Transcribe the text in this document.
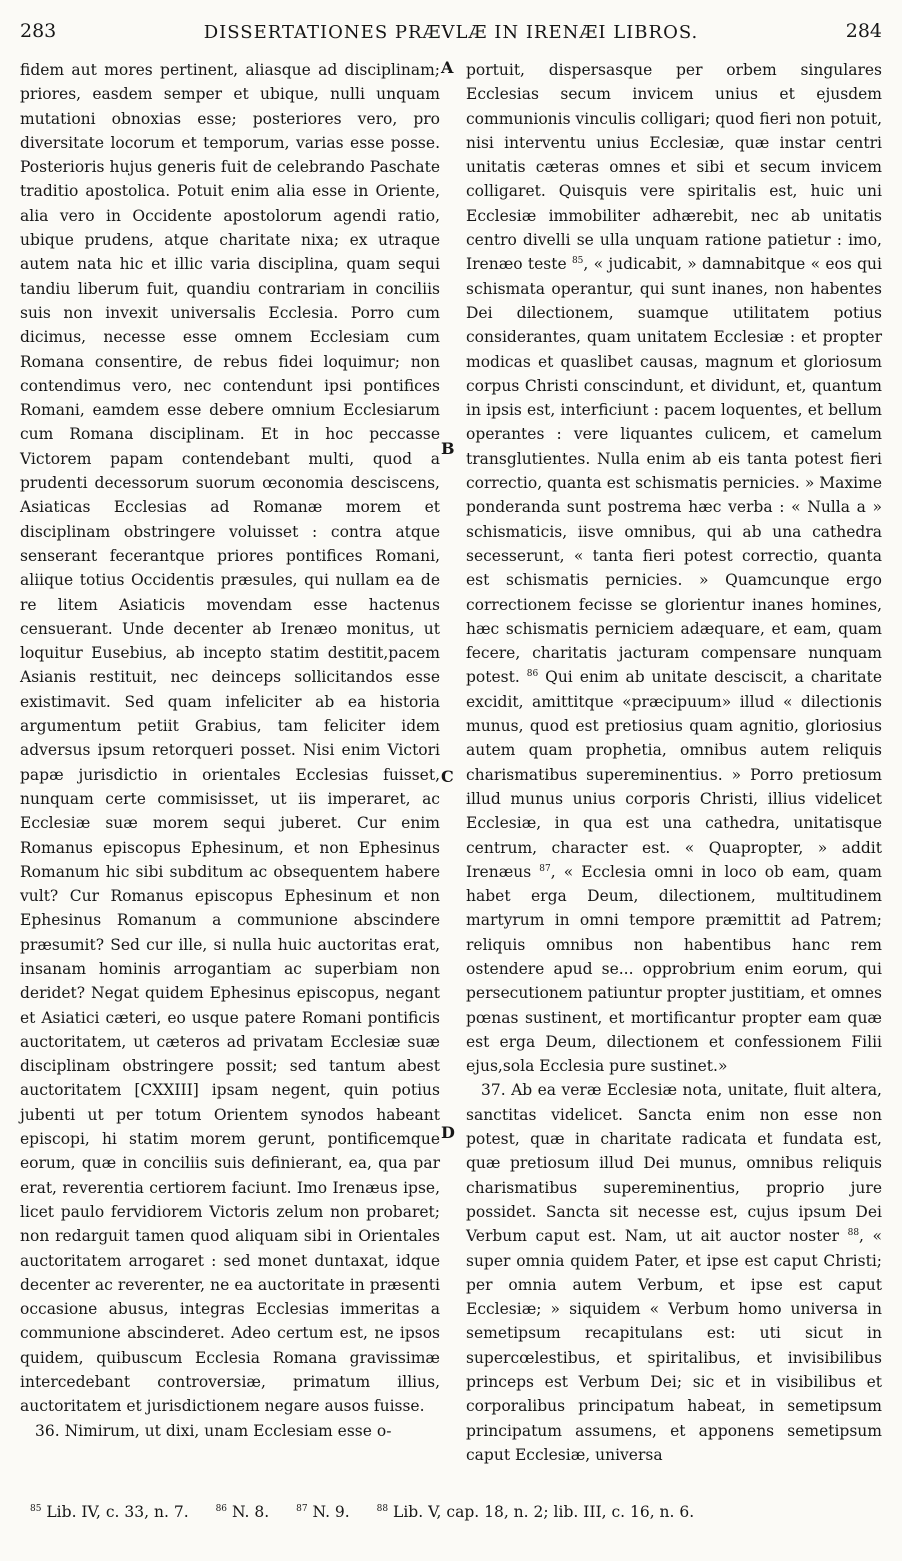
283	DISSERTATIONES PRÆVLÆ IN IRENÆI LIBROS.	284

fidem aut mores pertinent, aliasque ad disciplinam; priores, easdem semper et ubique, nulli unquam mutationi obnoxias esse; posteriores vero, pro diversitate locorum et temporum, varias esse posse. Posterioris hujus generis fuit de celebrando Paschate traditio apostolica. Potuit enim alia esse in Oriente, alia vero in Occidente apostolorum agendi ratio, ubique prudens, atque charitate nixa; ex utraque autem nata hic et illic varia disciplina, quam sequi tandiu liberum fuit, quandiu contrariam in conciliis suis non invexit universalis Ecclesia. Porro cum dicimus, necesse esse omnem Ecclesiam cum Romana consentire, de rebus fidei loquimur; non contendimus vero, nec contendunt ipsi pontifices Romani, eamdem esse debere omnium Ecclesiarum cum Romana disciplinam. Et in hoc peccasse Victorem papam contendebant multi, quod a prudenti decessorum suorum œconomia desciscens, Asiaticas Ecclesias ad Romanæ morem et disciplinam obstringere voluisset : contra atque senserant fecerantque priores pontifices Romani, aliique totius Occidentis præsules, qui nullam ea de re litem Asiaticis movendam esse hactenus censuerant. Unde decenter ab Irenæo monitus, ut loquitur Eusebius, ab incepto statim destitit,pacem Asianis restituit, nec deinceps sollicitandos esse existimavit. Sed quam infeliciter ab ea historia argumentum petiit Grabius, tam feliciter idem adversus ipsum retorqueri posset. Nisi enim Victori papæ jurisdictio in orientales Ecclesias fuisset, nunquam certe commisisset, ut iis imperaret, ac Ecclesiæ suæ morem sequi juberet. Cur enim Romanus episcopus Ephesinum, et non Ephesinus Romanum hic sibi subditum ac obsequentem habere vult? Cur Romanus episcopus Ephesinum et non Ephesinus Romanum a communione abscindere præsumit? Sed cur ille, si nulla huic auctoritas erat, insanam hominis arrogantiam ac superbiam non deridet? Negat quidem Ephesinus episcopus, negant et Asiatici cæteri, eo usque patere Romani pontificis auctoritatem, ut cæteros ad privatam Ecclesiæ suæ disciplinam obstringere possit; sed tantum abest auctoritatem [CXXIII] ipsam negent, quin potius jubenti ut per totum Orientem synodos habeant episcopi, hi statim morem gerunt, pontificemque eorum, quæ in conciliis suis definierant, ea, qua par erat, reverentia certiorem faciunt. Imo Irenæus ipse, licet paulo fervidiorem Victoris zelum non probaret; non redarguit tamen quod aliquam sibi in Orientales auctoritatem arrogaret : sed monet duntaxat, idque decenter ac reverenter, ne ea auctoritate in præsenti occasione abusus, integras Ecclesias immeritas a communione abscinderet. Adeo certum est, ne ipsos quidem, quibuscum Ecclesia Romana gravissimæ intercedebant controversiæ, primatum illius, auctoritatem et jurisdictionem negare ausos fuisse.

36. Nimirum, ut dixi, unam Ecclesiam esse o-

A
B
C
D

portuit, dispersasque per orbem singulares Ecclesias secum invicem unius et ejusdem communionis vinculis colligari; quod fieri non potuit, nisi interventu unius Ecclesiæ, quæ instar centri unitatis cæteras omnes et sibi et secum invicem colligaret. Quisquis vere spiritalis est, huic uni Ecclesiæ immobiliter adhærebit, nec ab unitatis centro divelli se ulla unquam ratione patietur : imo, Irenæo teste $^{85}$, « judicabit, » damnabitque « eos qui schismata operantur, qui sunt inanes, non habentes Dei dilectionem, suamque utilitatem potius considerantes, quam unitatem Ecclesiæ : et propter modicas et quaslibet causas, magnum et gloriosum corpus Christi conscindunt, et dividunt, et, quantum in ipsis est, interficiunt : pacem loquentes, et bellum operantes : vere liquantes culicem, et camelum transglutientes. Nulla enim ab eis tanta potest fieri correctio, quanta est schismatis pernicies. » Maxime ponderanda sunt postrema hæc verba : « Nulla a » schismaticis, iisve omnibus, qui ab una cathedra secesserunt, « tanta fieri potest correctio, quanta est schismatis pernicies. » Quamcunque ergo correctionem fecisse se glorientur inanes homines, hæc schismatis perniciem adæquare, et eam, quam fecere, charitatis jacturam compensare nunquam potest. $^{86}$ Qui enim ab unitate desciscit, a charitate excidit, amittitque «præcipuum» illud « dilectionis munus, quod est pretiosius quam agnitio, gloriosius autem quam prophetia, omnibus autem reliquis charismatibus supereminentius. » Porro pretiosum illud munus unius corporis Christi, illius videlicet Ecclesiæ, in qua est una cathedra, unitatisque centrum, character est. « Quapropter, » addit Irenæus $^{87}$, « Ecclesia omni in loco ob eam, quam habet erga Deum, dilectionem, multitudinem martyrum in omni tempore præmittit ad Patrem; reliquis omnibus non habentibus hanc rem ostendere apud se... opprobrium enim eorum, qui persecutionem patiuntur propter justitiam, et omnes pœnas sustinent, et mortificantur propter eam quæ est erga Deum, dilectionem et confessionem Filii ejus,sola Ecclesia pure sustinet.»

37. Ab ea veræ Ecclesiæ nota, unitate, fluit altera, sanctitas videlicet. Sancta enim non esse non potest, quæ in charitate radicata et fundata est, quæ pretiosum illud Dei munus, omnibus reliquis charismatibus supereminentius, proprio jure possidet. Sancta sit necesse est, cujus ipsum Dei Verbum caput est. Nam, ut ait auctor noster $^{88}$, « super omnia quidem Pater, et ipse est caput Christi; per omnia autem Verbum, et ipse est caput Ecclesiæ; » siquidem « Verbum homo universa in semetipsum recapitulans est: uti sicut in supercœlestibus, et spiritalibus, et invisibilibus princeps est Verbum Dei; sic et in visibilibus et corporalibus principatum habeat, in semetipsum principatum assumens, et apponens semetipsum caput Ecclesiæ, universa

$^{85}$ Lib. IV, c. 33, n. 7.	$^{86}$ N. 8.	$^{87}$ N. 9.	$^{88}$ Lib. V, cap. 18, n. 2; lib. III, c. 16, n. 6.
